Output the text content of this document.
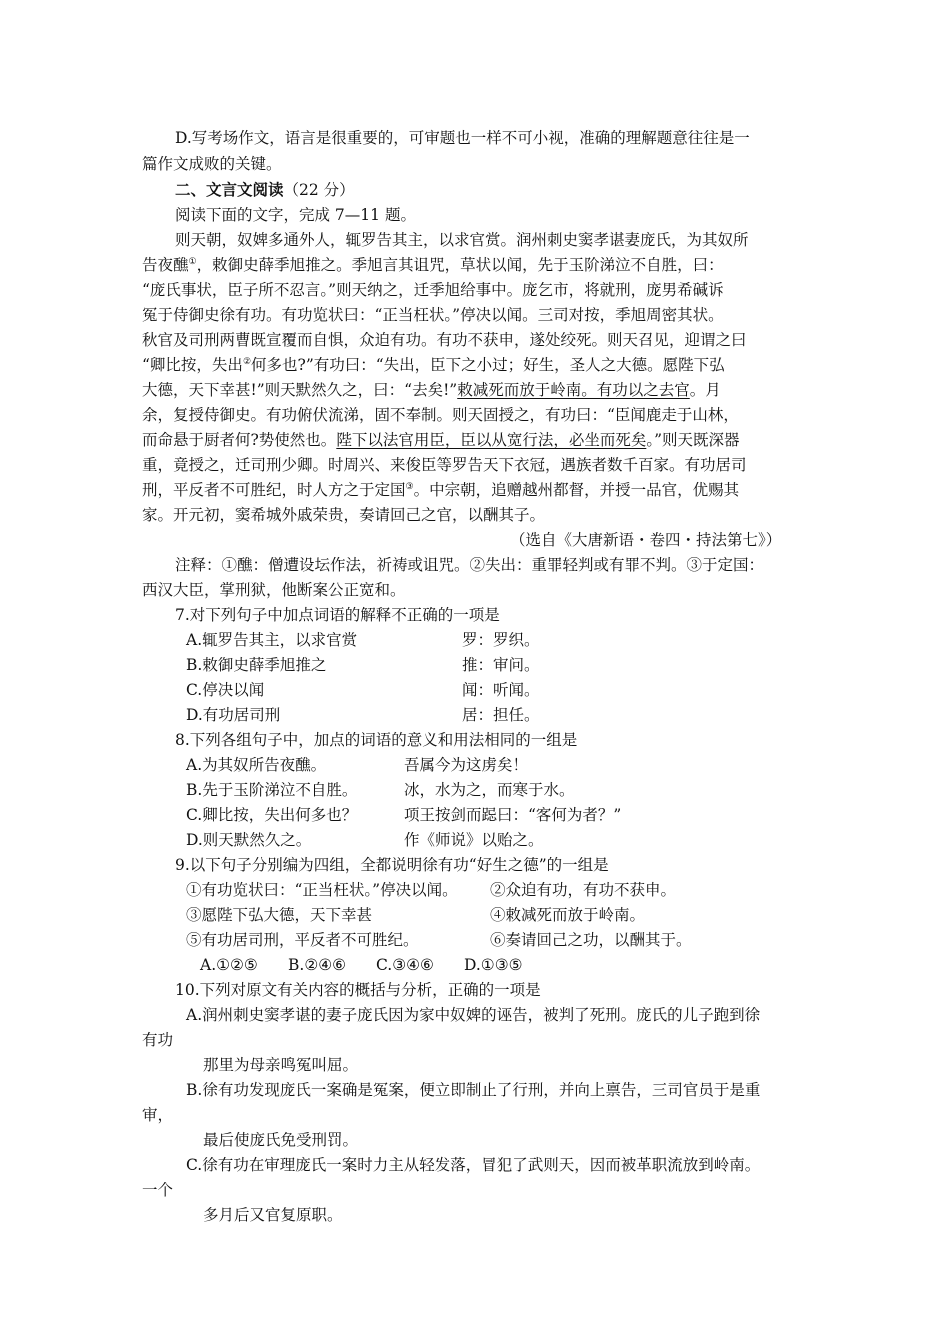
D.写考场作文，语言是很重要的，可审题也一样不可小视，准确的理解题意往往是一
篇作文成败的关键。
二、文言文阅读（22 分）
阅读下面的文字，完成 7—11 题。
则天朝，奴婢多通外人，辄罗告其主，以求官赏。润州刺史窦孝谌妻庞氏，为其奴所
告夜醮①，敕御史薛季旭推之。季旭言其诅咒，草状以闻，先于玉阶涕泣不自胜，曰：
“庞氏事状，臣子所不忍言。”则天纳之，迁季旭给事中。庞乞市，将就刑，庞男希碱诉
冤于侍御史徐有功。有功览状曰：“正当枉状。”停决以闻。三司对按，季旭周密其状。
秋官及司刑两曹既宣覆而自惧，众迫有功。有功不获申，遂处绞死。则天召见，迎谓之曰
“卿比按，失出②何多也?”有功曰：“失出，臣下之小过；好生，圣人之大德。愿陛下弘
大德，天下幸甚!”则天默然久之，曰：“去矣!”敕减死而放于岭南。有功以之去官。月
余，复授侍御史。有功俯伏流涕，固不奉制。则天固授之，有功曰：“臣闻鹿走于山林，
而命悬于厨者何?势使然也。陛下以法官用臣，臣以从宽行法，必坐而死矣。”则天既深器
重，竟授之，迁司刑少卿。时周兴、来俊臣等罗告天下衣冠，遇族者数千百家。有功居司
刑，平反者不可胜纪，时人方之于定国③。中宗朝，追赠越州都督，并授一品官，优赐其
家。开元初，窦希城外戚荣贵，奏请回己之官，以酬其子。
（选自《大唐新语・卷四・持法第七》）
注释：①醮：僧遭设坛作法，祈祷或诅咒。②失出：重罪轻判或有罪不判。③于定国：
西汉大臣，掌刑狱，他断案公正宽和。
7.对下列句子中加点词语的解释不正确的一项是
A.辄罗告其主，以求官赏	罗：罗织。
B.敕御史薛季旭推之	推：审问。
C.停决以闻	闻：听闻。
D.有功居司刑	居：担任。
8.下列各组句子中，加点的词语的意义和用法相同的一组是
A.为其奴所告夜醮。	吾属今为这虏矣！
B.先于玉阶涕泣不自胜。	冰，水为之，而寒于水。
C.卿比按，失出何多也？	项王按剑而跽曰：“客何为者？”
D.则天默然久之。	作《师说》以贻之。
9.以下句子分别编为四组，全都说明徐有功“好生之德”的一组是
①有功览状曰：“正当枉状。”停决以闻。 ②众迫有功，有功不获申。
③愿陛下弘大德，天下幸甚	④敕减死而放于岭南。
⑤有功居司刑，平反者不可胜纪。	⑥奏请回己之功，以酬其于。
A.①②⑤ B.②④⑥ C.③④⑥ D.①③⑤
10.下列对原文有关内容的概括与分析，正确的一项是
A.润州刺史窦孝谌的妻子庞氏因为家中奴婢的诬告，被判了死刑。庞氏的儿子跑到徐
有功
那里为母亲鸣冤叫屈。
B.徐有功发现庞氏一案确是冤案，便立即制止了行刑，并向上禀告，三司官员于是重
审，
最后使庞氏免受刑罚。
C.徐有功在审理庞氏一案时力主从轻发落，冒犯了武则天，因而被革职流放到岭南。
一个
多月后又官复原职。
